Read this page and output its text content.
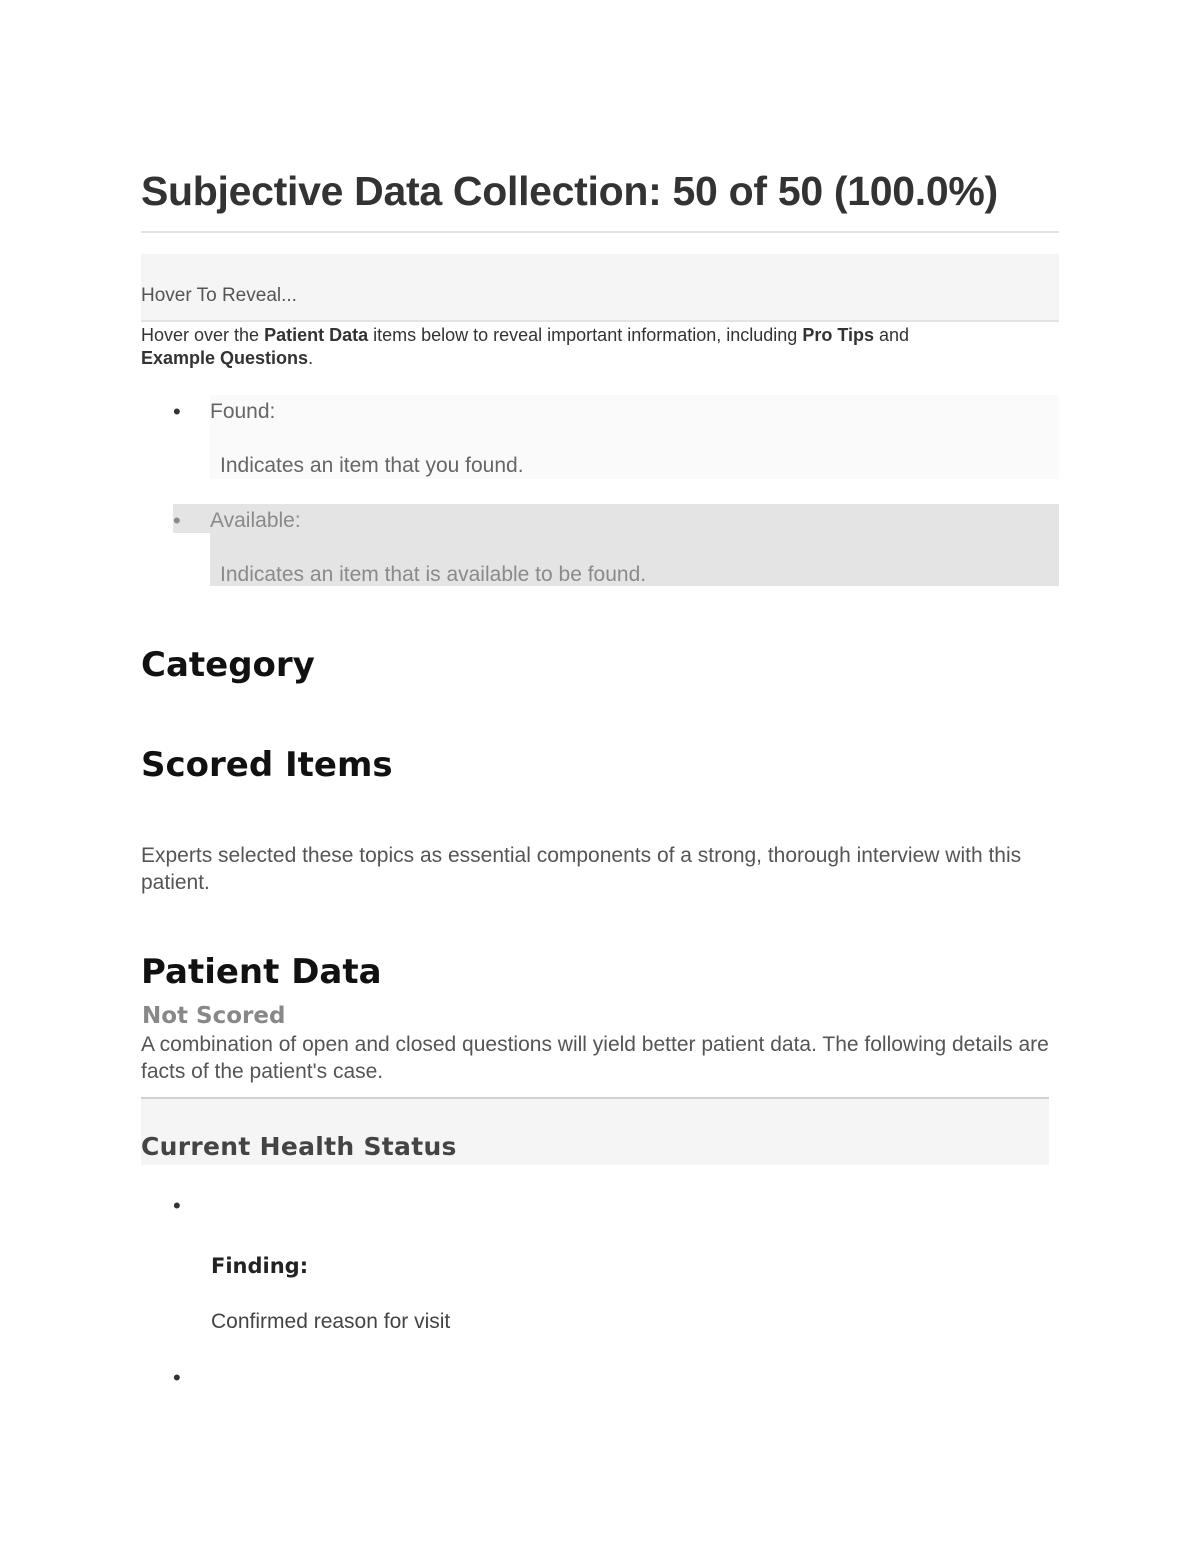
Subjective Data Collection: 50 of 50 (100.0%)
Hover To Reveal...
Hover over the Patient Data items below to reveal important information, including Pro Tips and Example Questions.
• Found:
Indicates an item that you found.
• Available:
Indicates an item that is available to be found.
Category
Scored Items
Experts selected these topics as essential components of a strong, thorough interview with this patient.
Patient Data
Not Scored
A combination of open and closed questions will yield better patient data. The following details are facts of the patient's case.
Current Health Status
•
Finding:
Confirmed reason for visit
•
